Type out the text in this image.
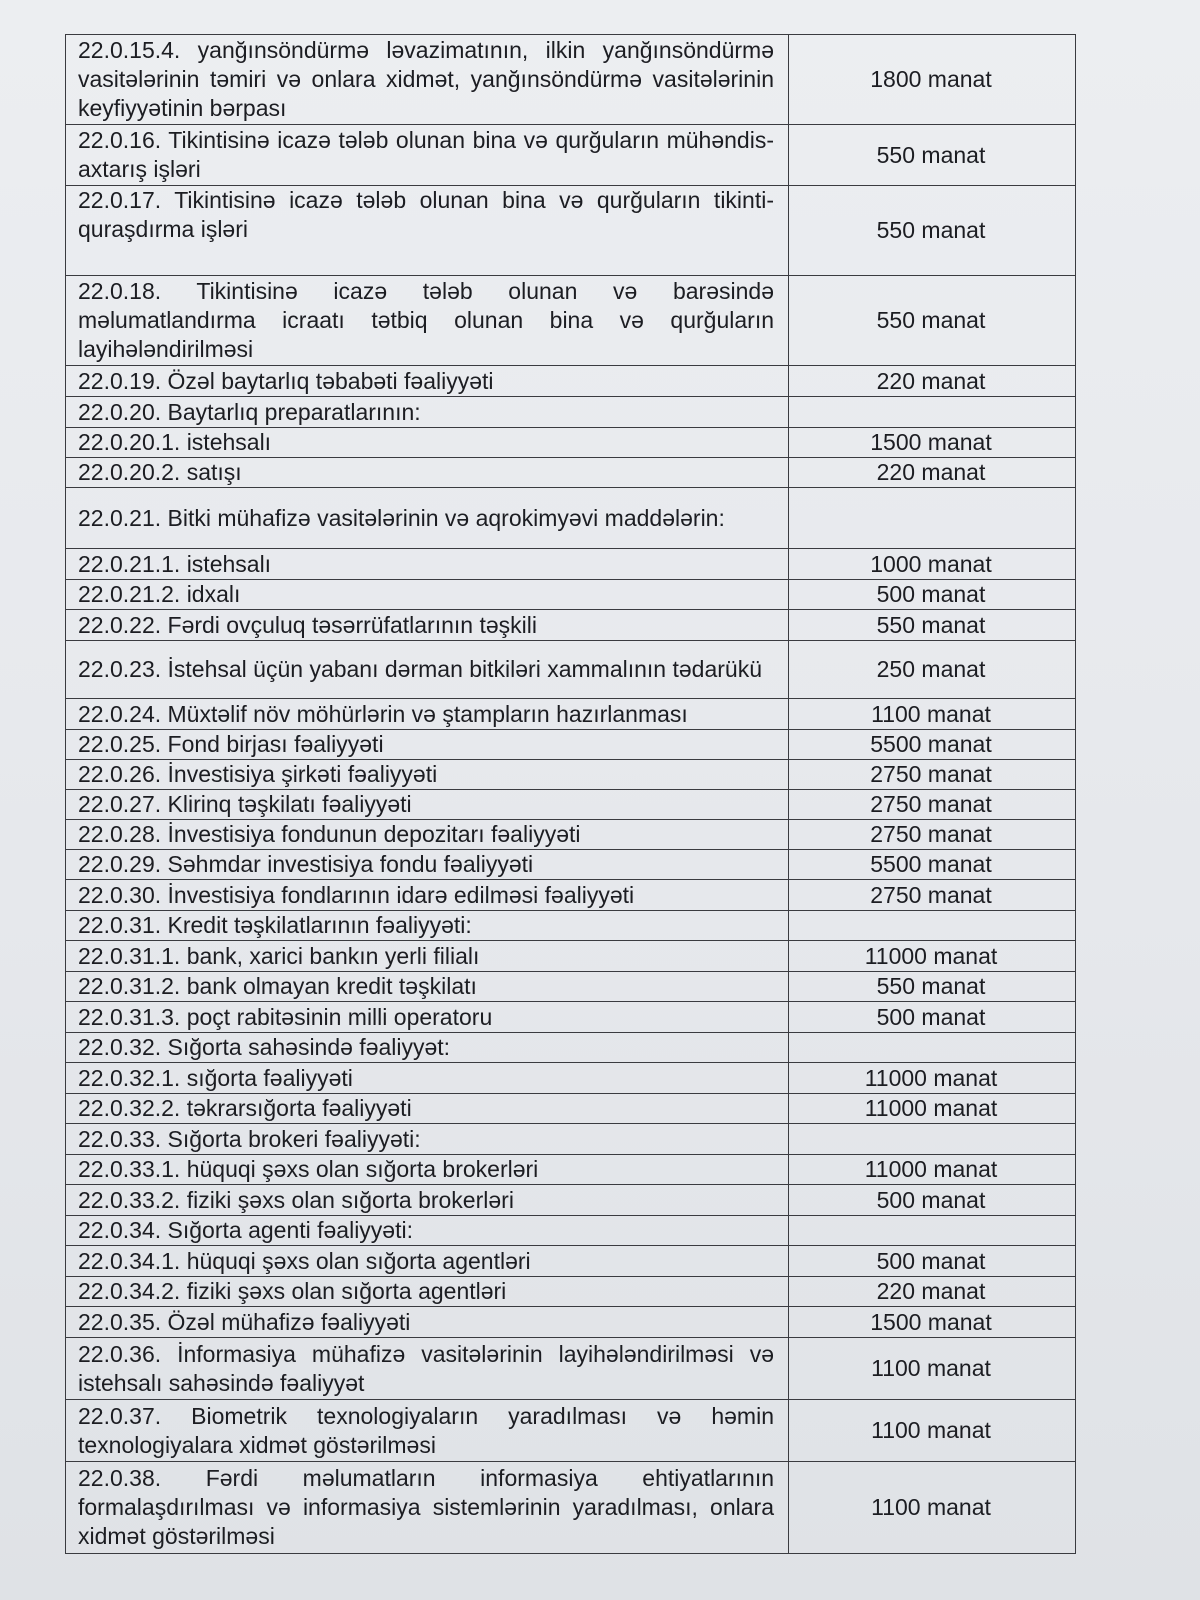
22.0.15.4. yanğınsöndürmə ləvazimatının, ilkin yanğınsöndürmə vasitələrinin təmiri və onlara xidmət, yanğınsöndürmə vasitələrinin keyfiyyətinin bərpası	1800 manat
22.0.16. Tikintisinə icazə tələb olunan bina və qurğuların mühəndis-axtarış işləri	550 manat
22.0.17. Tikintisinə icazə tələb olunan bina və qurğuların tikinti-quraşdırma işləri	550 manat
22.0.18. Tikintisinə icazə tələb olunan və barəsində məlumatlandırma icraatı tətbiq olunan bina və qurğuların layihələndirilməsi	550 manat
22.0.19. Özəl baytarlıq təbabəti fəaliyyəti	220 manat
22.0.20. Baytarlıq preparatlarının:	
22.0.20.1. istehsalı	1500 manat
22.0.20.2. satışı	220 manat
22.0.21. Bitki mühafizə vasitələrinin və aqrokimyəvi maddələrin:	
22.0.21.1. istehsalı	1000 manat
22.0.21.2. idxalı	500 manat
22.0.22. Fərdi ovçuluq təsərrüfatlarının təşkili	550 manat
22.0.23. İstehsal üçün yabanı dərman bitkiləri xammalının tədarükü	250 manat
22.0.24. Müxtəlif növ möhürlərin və ştampların hazırlanması	1100 manat
22.0.25. Fond birjası fəaliyyəti	5500 manat
22.0.26. İnvestisiya şirkəti fəaliyyəti	2750 manat
22.0.27. Klirinq təşkilatı fəaliyyəti	2750 manat
22.0.28. İnvestisiya fondunun depozitarı fəaliyyəti	2750 manat
22.0.29. Səhmdar investisiya fondu fəaliyyəti	5500 manat
22.0.30. İnvestisiya fondlarının idarə edilməsi fəaliyyəti	2750 manat
22.0.31. Kredit təşkilatlarının fəaliyyəti:	
22.0.31.1. bank, xarici bankın yerli filialı	11000 manat
22.0.31.2. bank olmayan kredit təşkilatı	550 manat
22.0.31.3. poçt rabitəsinin milli operatoru	500 manat
22.0.32. Sığorta sahəsində fəaliyyət:	
22.0.32.1. sığorta fəaliyyəti	11000 manat
22.0.32.2. təkrarsığorta fəaliyyəti	11000 manat
22.0.33. Sığorta brokeri fəaliyyəti:	
22.0.33.1. hüquqi şəxs olan sığorta brokerləri	11000 manat
22.0.33.2. fiziki şəxs olan sığorta brokerləri	500 manat
22.0.34. Sığorta agenti fəaliyyəti:	
22.0.34.1. hüquqi şəxs olan sığorta agentləri	500 manat
22.0.34.2. fiziki şəxs olan sığorta agentləri	220 manat
22.0.35. Özəl mühafizə fəaliyyəti	1500 manat
22.0.36. İnformasiya mühafizə vasitələrinin layihələndirilməsi və istehsalı sahəsində fəaliyyət	1100 manat
22.0.37. Biometrik texnologiyaların yaradılması və həmin texnologiyalara xidmət göstərilməsi	1100 manat
22.0.38. Fərdi məlumatların informasiya ehtiyatlarının formalaşdırılması və informasiya sistemlərinin yaradılması, onlara xidmət göstərilməsi	1100 manat
